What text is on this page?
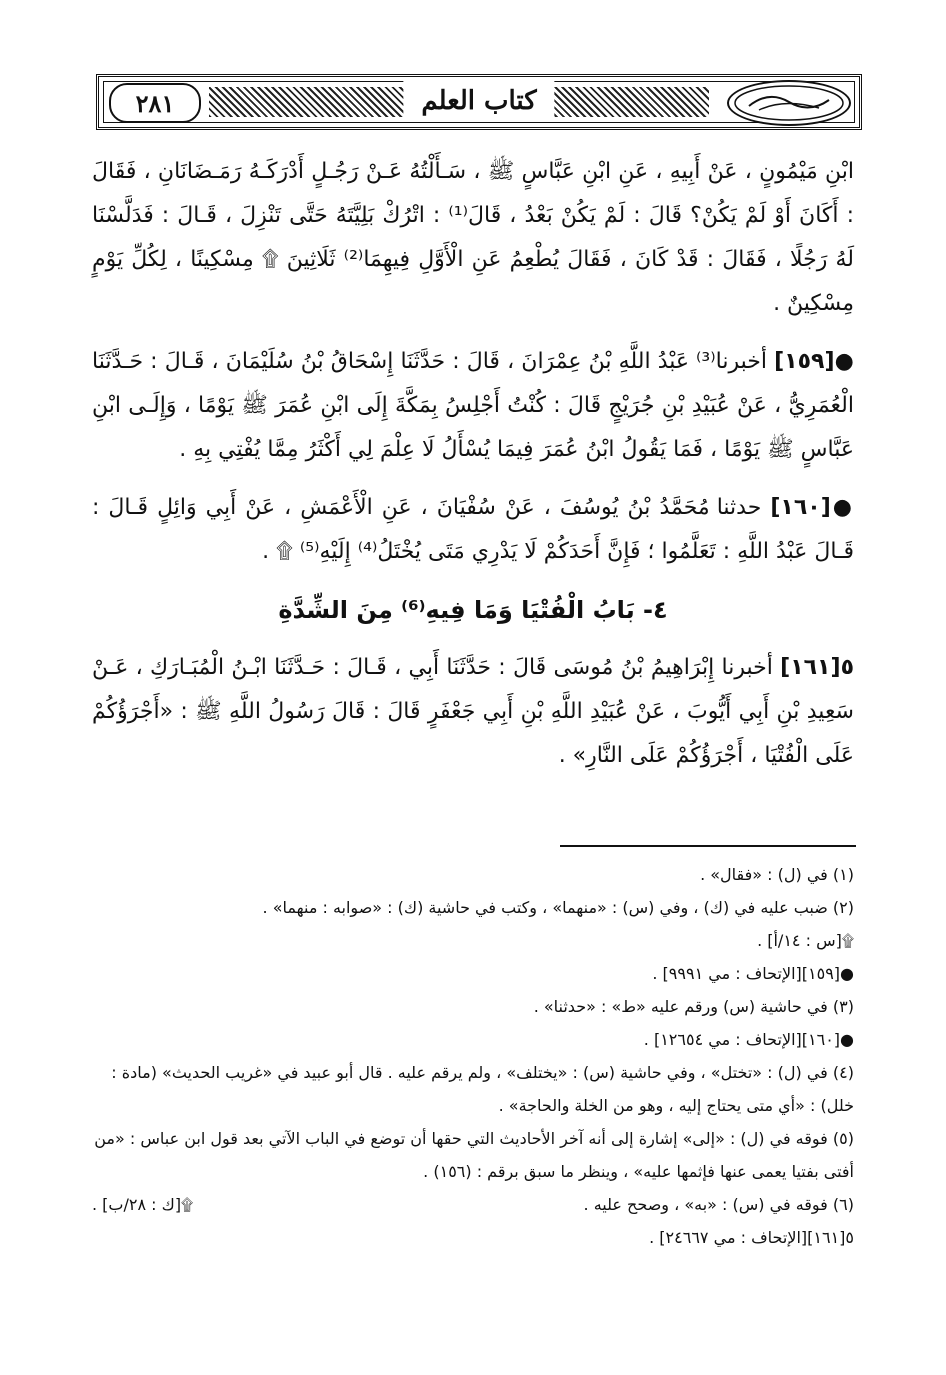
كتاب العلم
٢٨١

ابْنِ مَيْمُونٍ ، عَنْ أَبِيهِ ، عَنِ ابْنِ عَبَّاسٍ ﷺ ، سَـأَلْتُهُ عَـنْ رَجُـلٍ أَدْرَكَـهُ رَمَـضَانَانِ ، فَقَالَ : أَكَانَ أَوْ لَمْ يَكُنْ؟ قَالَ : لَمْ يَكُنْ بَعْدُ ، قَالَ⁽¹⁾ : اتْرُكْ بَلِيَّتَهُ حَتَّى تَنْزِلَ ، قَـالَ : فَدَلَّسْنَا لَهُ رَجُلًا ، فَقَالَ : قَدْ كَانَ ، فَقَالَ يُطْعِمُ عَنِ الْأَوَّلِ فِيهِمَا⁽²⁾ ثَلَاثِينَ ۩ مِسْكِينًا ، لِكُلِّ يَوْمٍ مِسْكِينٌ .

●[١٥٩] أخبرنا⁽³⁾ عَبْدُ اللَّهِ بْنُ عِمْرَانَ ، قَالَ : حَدَّثَنَا إِسْحَاقُ بْنُ سُلَيْمَانَ ، قَـالَ : حَـدَّثَنَا الْعُمَرِيُّ ، عَنْ عُبَيْدِ بْنِ جُرَيْجٍ قَالَ : كُنْتُ أَجْلِسُ بِمَكَّةَ إِلَى ابْنِ عُمَرَ ﷺ يَوْمًا ، وَإِلَـى ابْنِ عَبَّاسٍ ﷺ يَوْمًا ، فَمَا يَقُولُ ابْنُ عُمَرَ فِيمَا يُسْأَلُ لَا عِلْمَ لِي أَكْثَرُ مِمَّا يُفْتِي بِهِ .

●[١٦٠] حدثنا مُحَمَّدُ بْنُ يُوسُفَ ، عَنْ سُفْيَانَ ، عَنِ الْأَعْمَشِ ، عَنْ أَبِي وَائِلٍ قَـالَ : قَـالَ عَبْدُ اللَّهِ : تَعَلَّمُوا ؛ فَإِنَّ أَحَدَكُمْ لَا يَدْرِي مَتَى يُخْتَلُ⁽⁴⁾ إِلَيْهِ⁽⁵⁾ ۩ .

٤- بَابُ الْفُتْيَا وَمَا فِيهِ⁽⁶⁾ مِنَ الشِّدَّةِ

٥[١٦١] أخبرنا إِبْرَاهِيمُ بْنُ مُوسَى قَالَ : حَدَّثَنَا أَبِي ، قَـالَ : حَـدَّثَنَا ابْـنُ الْمُبَـارَكِ ، عَـنْ سَعِيدِ بْنِ أَبِي أَيُّوبَ ، عَنْ عُبَيْدِ اللَّهِ بْنِ أَبِي جَعْفَرٍ قَالَ : قَالَ رَسُولُ اللَّهِ ﷺ : «أَجْرَؤُكُمْ عَلَى الْفُتْيَا ، أَجْرَؤُكُمْ عَلَى النَّارِ» .

(١) في (ل) : «فقال» .

(٢) ضبب عليه في (ك) ، وفي (س) : «منهما» ، وكتب في حاشية (ك) : «صوابه : منهما» .

۩[س : ١٤/أ] .

●[١٥٩][الإتحاف : مي ٩٩٩١] .

(٣) في حاشية (س) ورقم عليه «ط» : «حدثنا» .

●[١٦٠][الإتحاف : مي ١٢٦٥٤] .

(٤) في (ل) : «تختل» ، وفي حاشية (س) : «يختلف» ، ولم يرقم عليه . قال أبو عبيد في «غريب الحديث» (مادة : خلل) : «أي متى يحتاج إليه ، وهو من الخلة والحاجة» .

(٥) فوقه في (ل) : «إلى» إشارة إلى أنه آخر الأحاديث التي حقها أن توضع في الباب الآتي بعد قول ابن عباس : «من أفتى بفتيا يعمى عنها فإثمها عليه» ، وينظر ما سبق برقم : (١٥٦) .

(٦) فوقه في (س) : «به» ، وصحح عليه .
۩[ك : ٢٨/ب] .

٥[١٦١][الإتحاف : مي ٢٤٦٦٧] .
